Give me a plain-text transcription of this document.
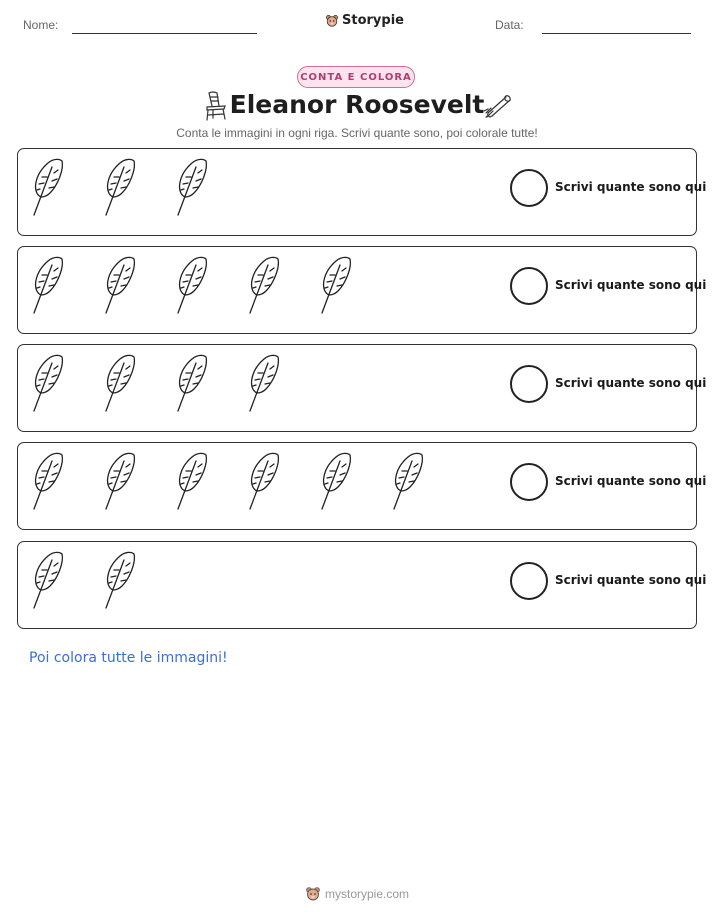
Nome:	Storypie	Data:
CONTA E COLORA
Eleanor Roosevelt
Conta le immagini in ogni riga. Scrivi quante sono, poi colorale tutte!
Scrivi quante sono qui
Scrivi quante sono qui
Scrivi quante sono qui
Scrivi quante sono qui
Scrivi quante sono qui
Poi colora tutte le immagini!
mystorypie.com
